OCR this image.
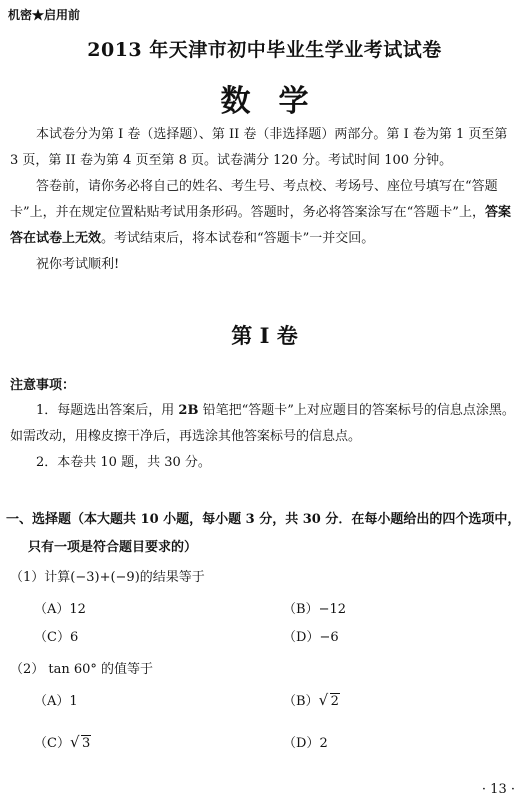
机密★启用前
2013 年天津市初中毕业生学业考试试卷
数学

本试卷分为第 I 卷（选择题）、第 II 卷（非选择题）两部分。第 I 卷为第 1 页至第 3 页，第 II 卷为第 4 页至第 8 页。试卷满分 120 分。考试时间 100 分钟。

答卷前，请你务必将自己的姓名、考生号、考点校、考场号、座位号填写在“答题卡”上，并在规定位置粘贴考试用条形码。答题时，务必将答案涂写在“答题卡”上，答案答在试卷上无效。考试结束后，将本试卷和“答题卡”一并交回。

祝你考试顺利!

第 I 卷
注意事项：

1．每题选出答案后，用 2B 铅笔把“答题卡”上对应题目的答案标号的信息点涂黑。如需改动，用橡皮擦干净后，再选涂其他答案标号的信息点。

2．本卷共 10 题，共 30 分。

一、选择题（本大题共 10 小题，每小题 3 分，共 30 分．在每小题给出的四个选项中，
只有一项是符合题目要求的）
（1）计算(−3)+(−9)的结果等于
（A）12	（B）−12
（C）6	（D）−6
（2） tan 60° 的值等于
（A）1	（B） √ 2
（C） √ 3	（D）2
· 13 ·
